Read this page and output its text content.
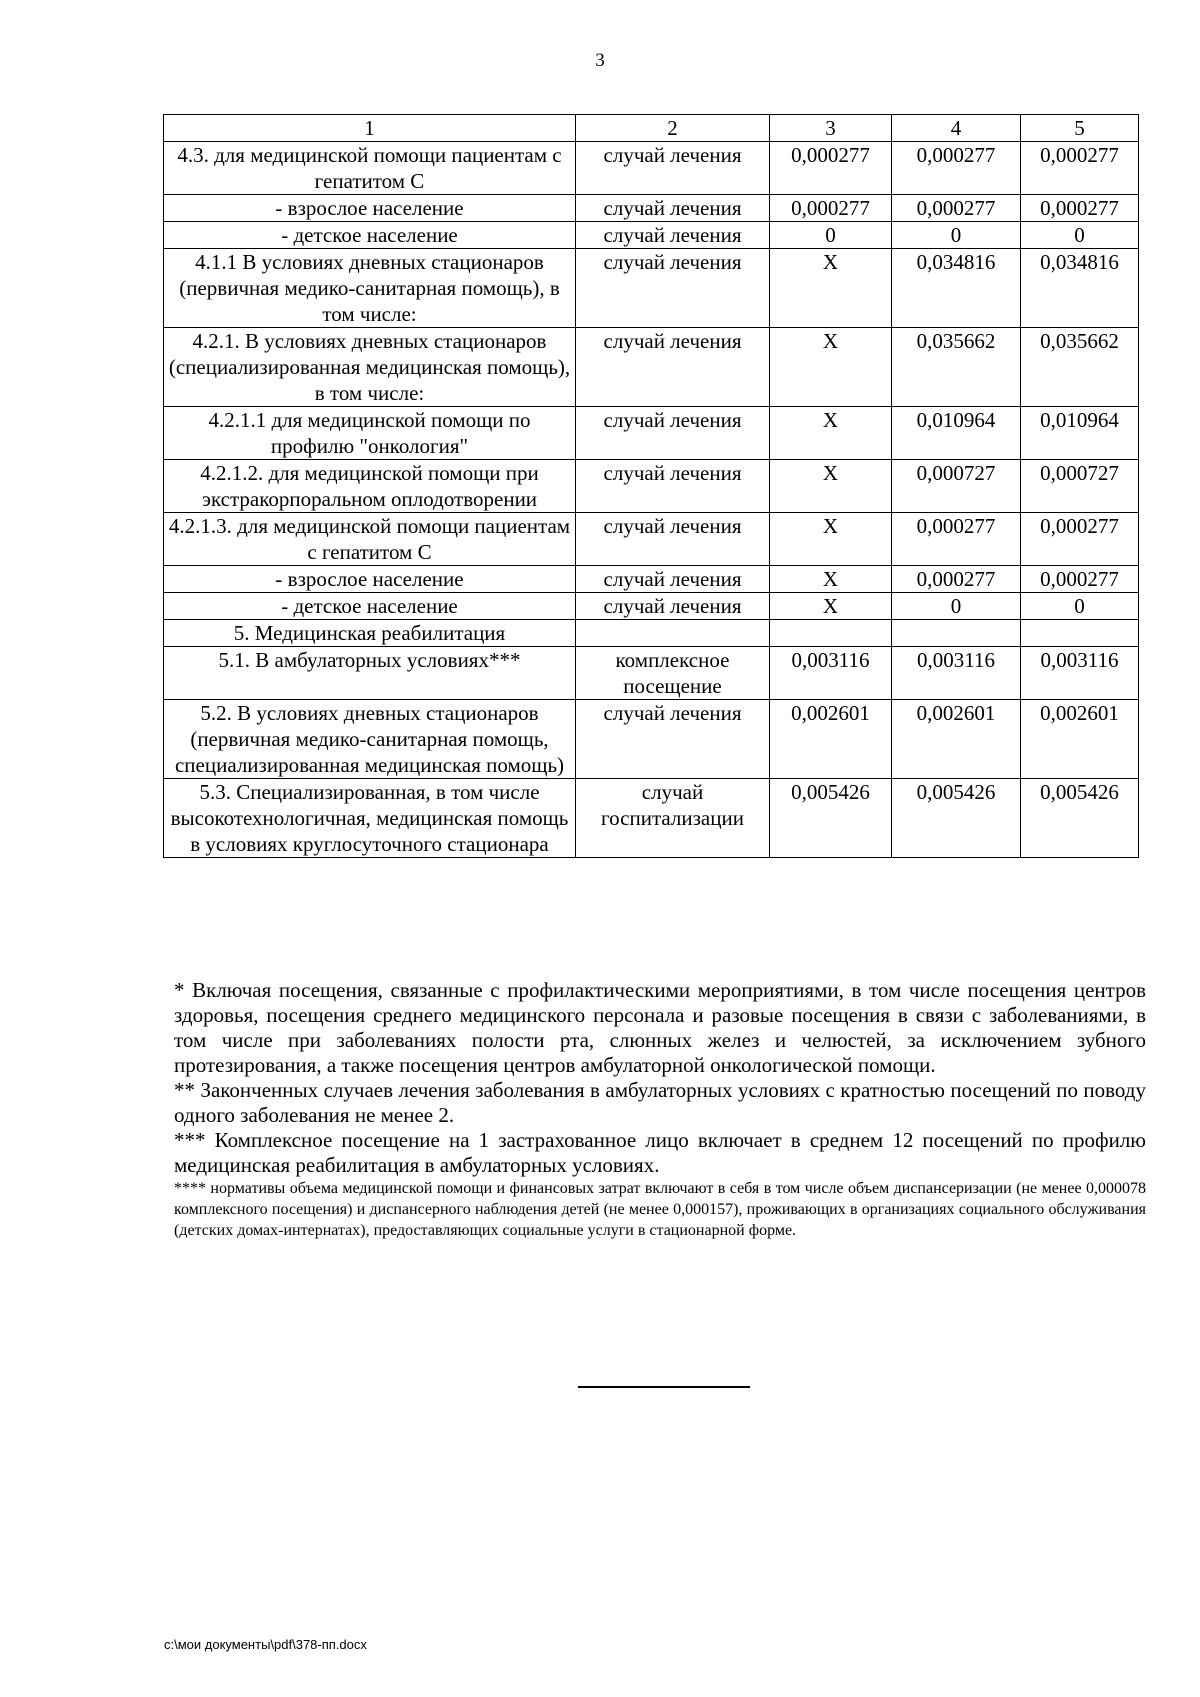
3
1	2	3	4	5
4.3. для медицинской помощи пациентам с гепатитом С	случай лечения	0,000277	0,000277	0,000277
- взрослое население	случай лечения	0,000277	0,000277	0,000277
- детское население	случай лечения	0	0	0
4.1.1 В условиях дневных стационаров (первичная медико-санитарная помощь), в том числе:	случай лечения	Х	0,034816	0,034816
4.2.1. В условиях дневных стационаров (специализированная медицинская помощь), в том числе:	случай лечения	Х	0,035662	0,035662
4.2.1.1 для медицинской помощи по профилю "онкология"	случай лечения	Х	0,010964	0,010964
4.2.1.2. для медицинской помощи при экстракорпоральном оплодотворении	случай лечения	Х	0,000727	0,000727
4.2.1.3. для медицинской помощи пациентам с гепатитом С	случай лечения	Х	0,000277	0,000277
- взрослое население	случай лечения	Х	0,000277	0,000277
- детское население	случай лечения	Х	0	0
5. Медицинская реабилитация				
5.1. В амбулаторных условиях***	комплексное посещение	0,003116	0,003116	0,003116
5.2. В условиях дневных стационаров (первичная медико-санитарная помощь, специализированная медицинская помощь)	случай лечения	0,002601	0,002601	0,002601
5.3. Специализированная, в том числе высокотехнологичная, медицинская помощь в условиях круглосуточного стационара	случай госпитализации	0,005426	0,005426	0,005426

* Включая посещения, связанные с профилактическими мероприятиями, в том числе посещения центров здоровья, посещения среднего медицинского персонала и разовые посещения в связи с заболеваниями, в том числе при заболеваниях полости рта, слюнных желез и челюстей, за исключением зубного протезирования, а также посещения центров амбулаторной онкологической помощи.

** Законченных случаев лечения заболевания в амбулаторных условиях с кратностью посещений по поводу одного заболевания не менее 2.

*** Комплексное посещение на 1 застрахованное лицо включает в среднем 12 посещений по профилю медицинская реабилитация в амбулаторных условиях.

**** нормативы объема медицинской помощи и финансовых затрат включают в себя в том числе объем диспансеризации (не менее 0,000078 комплексного посещения) и диспансерного наблюдения детей (не менее 0,000157), проживающих в организациях социального обслуживания (детских домах-интернатах), предоставляющих социальные услуги в стационарной форме.

c:\мои документы\pdf\378-пп.docx
